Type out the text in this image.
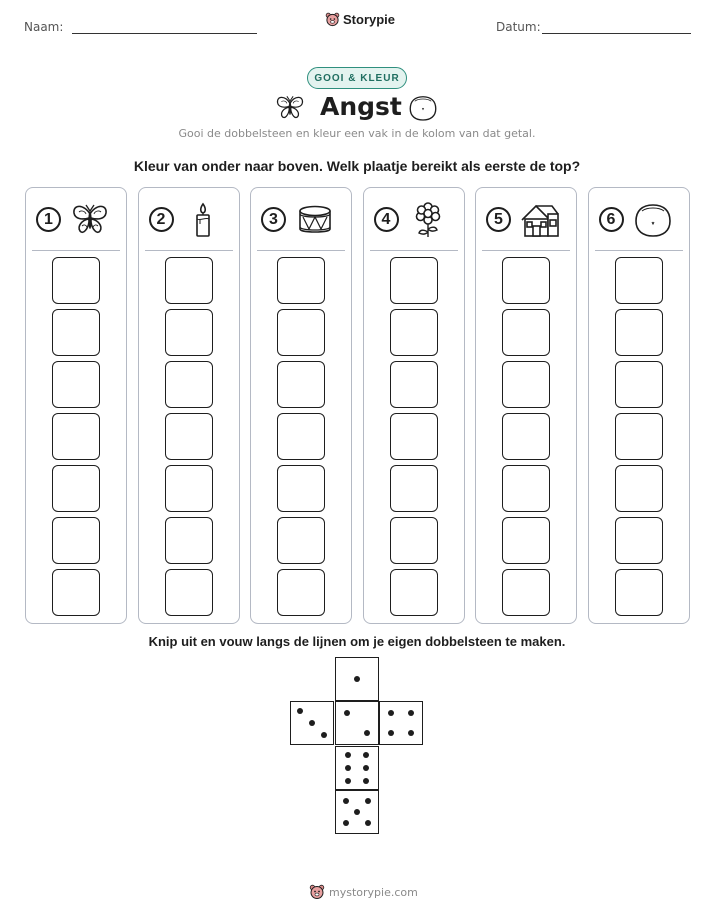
Naam:	Storypie	Datum:
GOOI & KLEUR
Angst
Gooi de dobbelsteen en kleur een vak in de kolom van dat getal.
Kleur van onder naar boven. Welk plaatje bereikt als eerste de top?
1	2	3	4	5	6
Knip uit en vouw langs de lijnen om je eigen dobbelsteen te maken.
mystorypie.com
